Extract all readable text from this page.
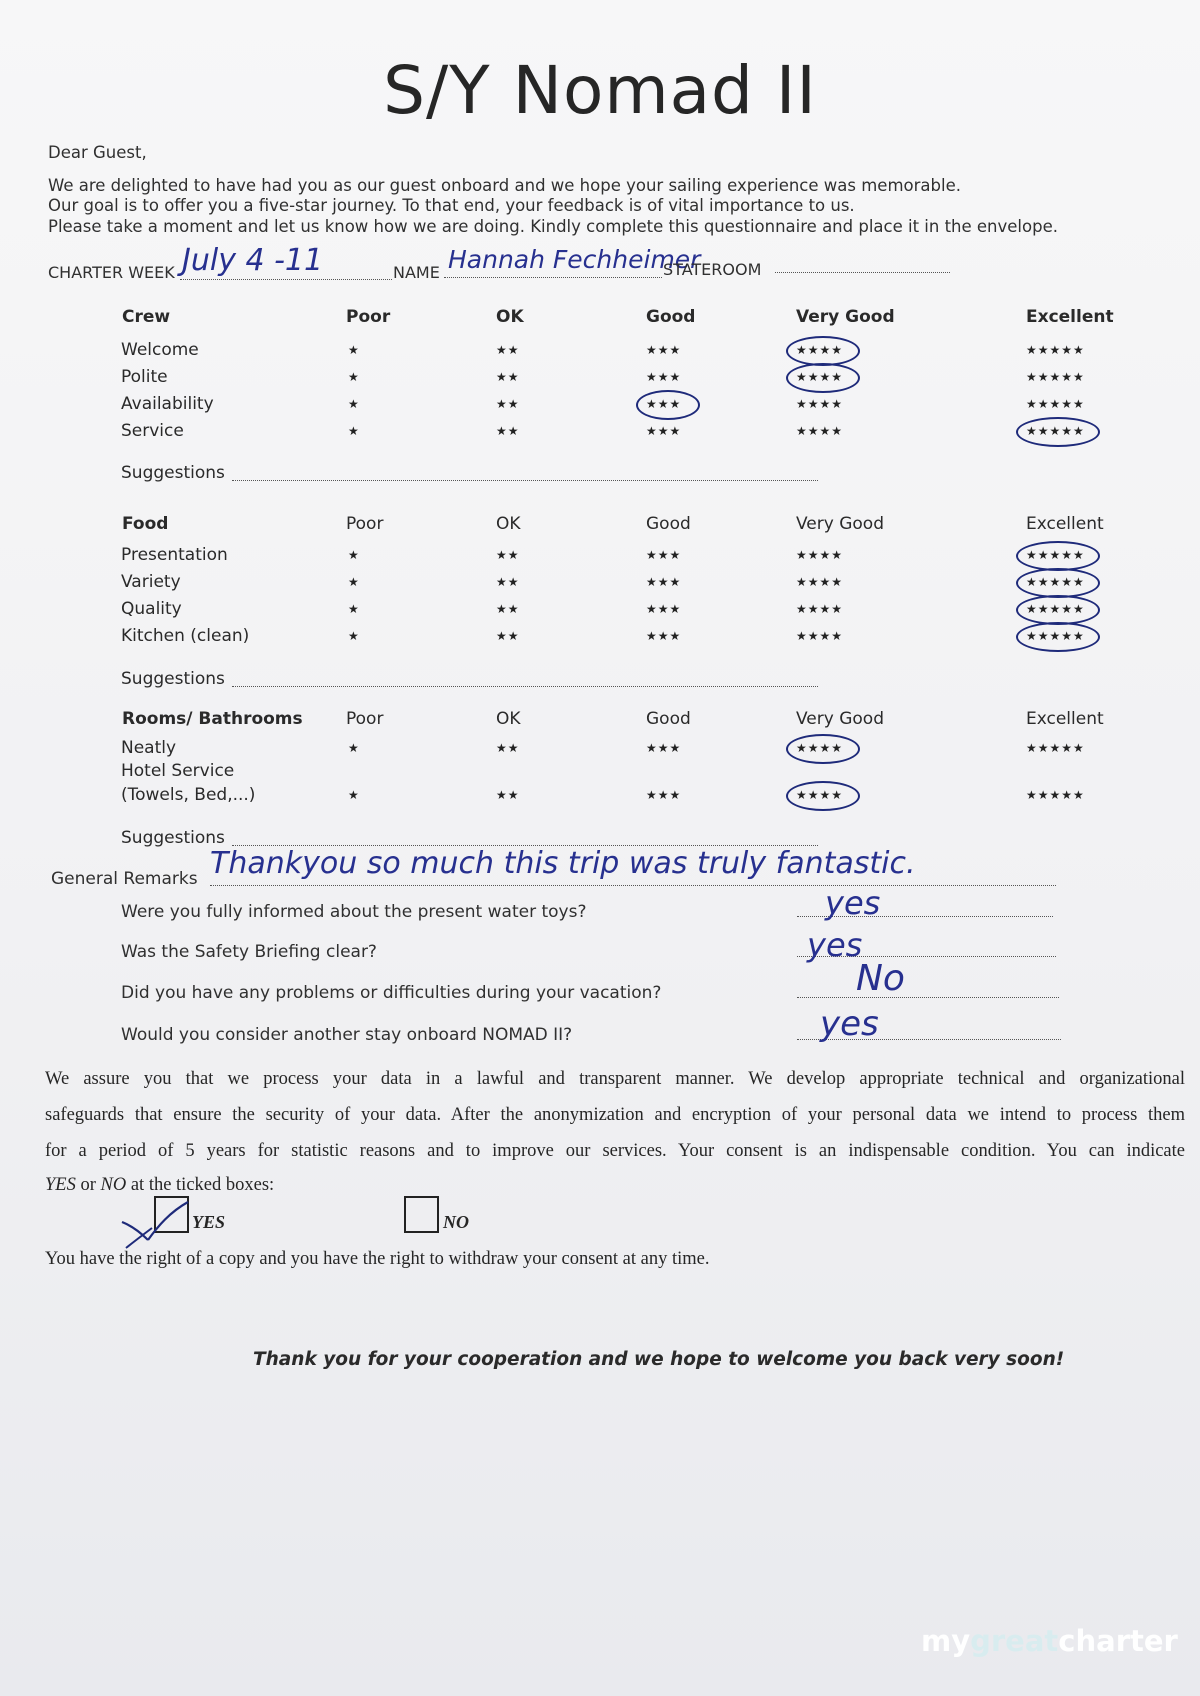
S/Y Nomad II
Dear Guest,
We are delighted to have had you as our guest onboard and we hope your sailing experience was memorable.
Our goal is to offer you a five-star journey. To that end, your feedback is of vital importance to us.
Please take a moment and let us know how we are doing. Kindly complete this questionnaire and place it in the envelope.
CHARTER WEEK July 4 -11	NAME Hannah Fechheimer
STATEROOM
Crew	Poor	OK	Good	Very Good	Excellent
Welcome	★	★★	★★★	★★★★	★★★★★
Polite	★	★★	★★★	★★★★	★★★★★
Availability	★	★★	★★★	★★★★	★★★★★
Service	★	★★	★★★	★★★★	★★★★★
Suggestions
Food	Poor	OK	Good	Very Good	Excellent
Presentation	★	★★	★★★	★★★★	★★★★★
Variety	★	★★	★★★	★★★★	★★★★★
Quality	★	★★	★★★	★★★★	★★★★★
Kitchen (clean)	★	★★	★★★	★★★★	★★★★★
Suggestions
Rooms/ Bathrooms	Poor	OK	Good	Very Good	Excellent
Neatly	★	★★	★★★	★★★★	★★★★★
Hotel Service
(Towels, Bed,...)	★	★★	★★★	★★★★	★★★★★
Suggestions
General Remarks Thankyou so much this trip was truly fantastic.
Were you fully informed about the present water toys?	yes
Was the Safety Briefing clear?	yes
Did you have any problems or difficulties during your vacation?	No
Would you consider another stay onboard NOMAD II?	yes
We assure you that we process your data in a lawful and transparent manner. We develop appropriate technical and organizational
safeguards that ensure the security of your data. After the anonymization and encryption of your personal data we intend to process them
for a period of 5 years for statistic reasons and to improve our services. Your consent is an indispensable condition. You can indicate
YES or NO at the ticked boxes:
YES	NO
You have the right of a copy and you have the right to withdraw your consent at any time.
Thank you for your cooperation and we hope to welcome you back very soon!
mygreatcharter
